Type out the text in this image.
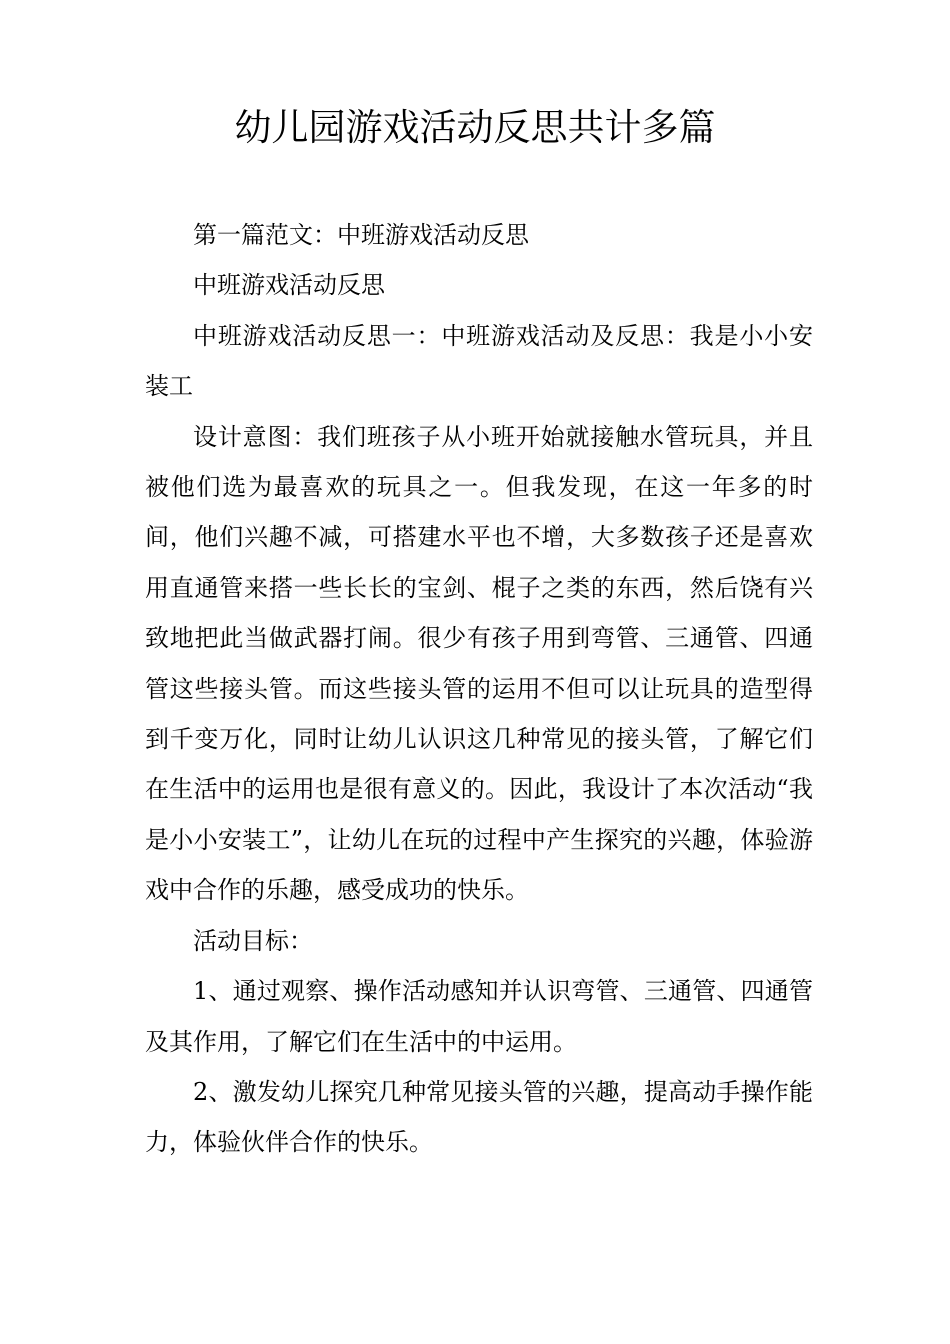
幼儿园游戏活动反思共计多篇

第一篇范文：中班游戏活动反思

中班游戏活动反思

中班游戏活动反思一：中班游戏活动及反思：我是小小安装工

设计意图：我们班孩子从小班开始就接触水管玩具，并且被他们选为最喜欢的玩具之一。但我发现，在这一年多的时间，他们兴趣不减，可搭建水平也不增，大多数孩子还是喜欢用直通管来搭一些长长的宝剑、棍子之类的东西，然后饶有兴致地把此当做武器打闹。很少有孩子用到弯管、三通管、四通管这些接头管。而这些接头管的运用不但可以让玩具的造型得到千变万化，同时让幼儿认识这几种常见的接头管，了解它们在生活中的运用也是很有意义的。因此，我设计了本次活动“我是小小安装工”，让幼儿在玩的过程中产生探究的兴趣，体验游戏中合作的乐趣，感受成功的快乐。

活动目标：

1、通过观察、操作活动感知并认识弯管、三通管、四通管及其作用，了解它们在生活中的中运用。

2、激发幼儿探究几种常见接头管的兴趣，提高动手操作能力，体验伙伴合作的快乐。
